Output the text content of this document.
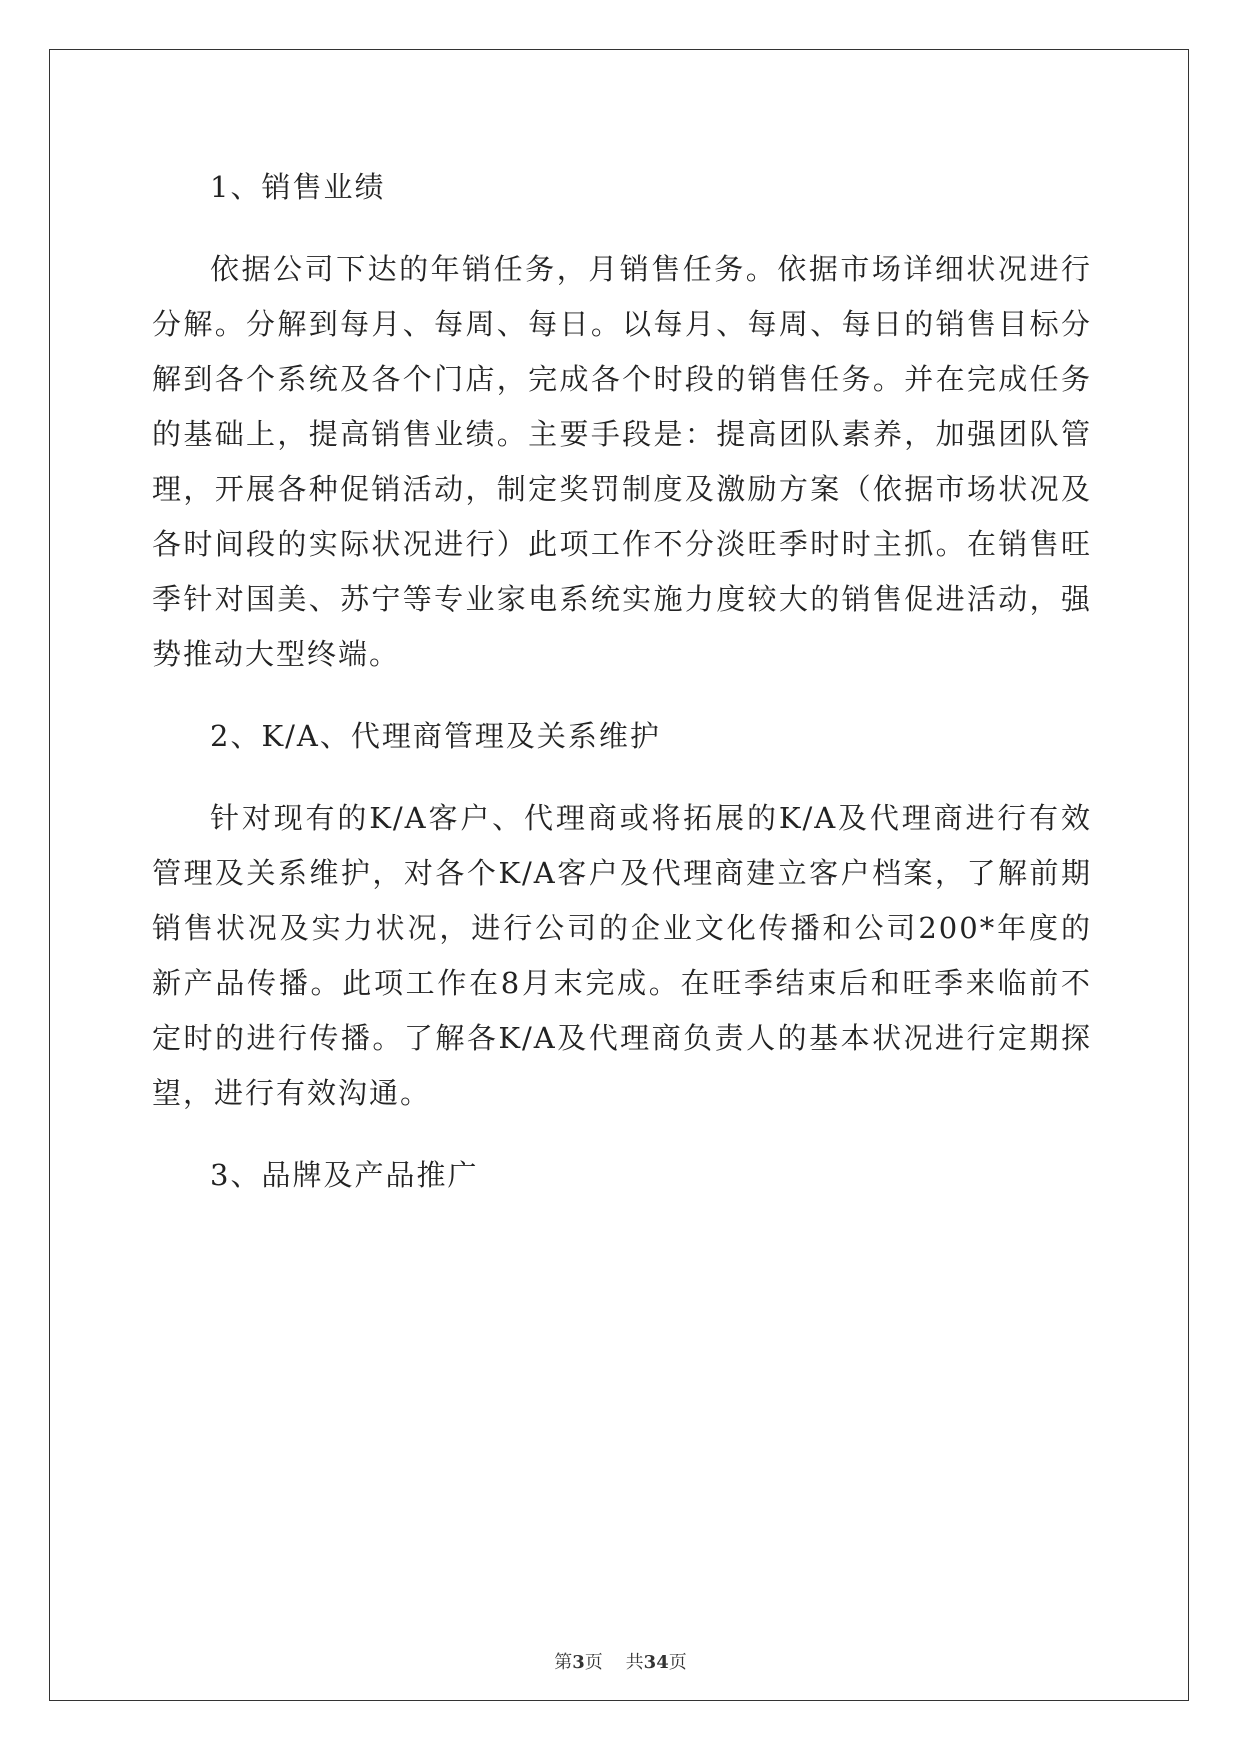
1、销售业绩

依据公司下达的年销任务，月销售任务。依据市场详细状况进行分解。分解到每月、每周、每日。以每月、每周、每日的销售目标分解到各个系统及各个门店，完成各个时段的销售任务。并在完成任务的基础上，提高销售业绩。主要手段是：提高团队素养，加强团队管理，开展各种促销活动，制定奖罚制度及激励方案（依据市场状况及各时间段的实际状况进行）此项工作不分淡旺季时时主抓。在销售旺季针对国美、苏宁等专业家电系统实施力度较大的销售促进活动，强势推动大型终端。

2、K/A、代理商管理及关系维护

针对现有的K/A客户、代理商或将拓展的K/A及代理商进行有效管理及关系维护，对各个K/A客户及代理商建立客户档案，了解前期销售状况及实力状况，进行公司的企业文化传播和公司200*年度的新产品传播。此项工作在8月末完成。在旺季结束后和旺季来临前不定时的进行传播。了解各K/A及代理商负责人的基本状况进行定期探望，进行有效沟通。

3、品牌及产品推广

第3页 共34页
